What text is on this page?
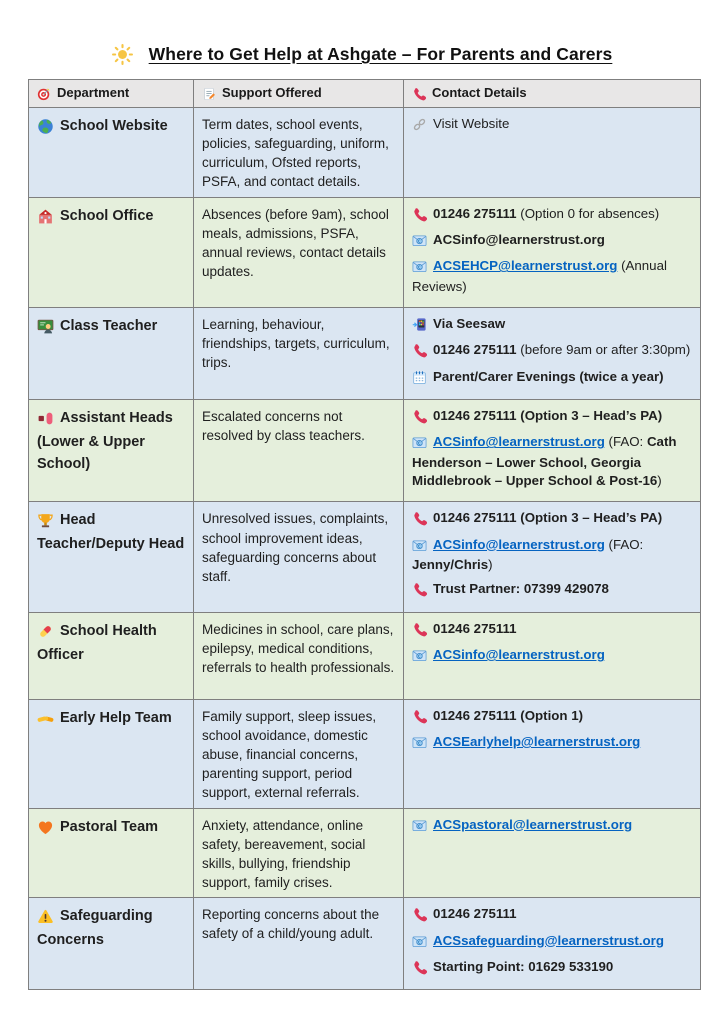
Where to Get Help at Ashgate – For Parents and Carers
Department	Support Offered	Contact Details
School Website	Term dates, school events, policies, safeguarding, uniform, curriculum, Ofsted reports, PSFA, and contact details.	Visit Website

School Office	Absences (before 9am), school meals, admissions, PSFA, annual reviews, contact details updates.	01246 275111 (Option 0 for absences)
ACSinfo@learnerstrust.org
ACSEHCP@learnerstrust.org (Annual Reviews)

Class Teacher	Learning, behaviour, friendships, targets, curriculum, trips.	Via Seesaw
01246 275111 (before 9am or after 3:30pm)
Parent/Carer Evenings (twice a year)

Assistant Heads (Lower & Upper School)	Escalated concerns not resolved by class teachers.	01246 275111 (Option 3 – Head’s PA)
ACSinfo@learnerstrust.org (FAO: Cath Henderson – Lower School, Georgia Middlebrook – Upper School & Post-16)

Head Teacher/Deputy Head	Unresolved issues, complaints, school improvement ideas, safeguarding concerns about staff.	01246 275111 (Option 3 – Head’s PA)
ACSinfo@learnerstrust.org (FAO: Jenny/Chris)
Trust Partner: 07399 429078

School Health Officer	Medicines in school, care plans, epilepsy, medical conditions, referrals to health professionals.	01246 275111
ACSinfo@learnerstrust.org

Early Help Team	Family support, sleep issues, school avoidance, domestic abuse, financial concerns, parenting support, period support, external referrals.	01246 275111 (Option 1)
ACSEarlyhelp@learnerstrust.org

Pastoral Team	Anxiety, attendance, online safety, bereavement, social skills, bullying, friendship support, family crises.	ACSpastoral@learnerstrust.org

Safeguarding Concerns	Reporting concerns about the safety of a child/young adult.	01246 275111
ACSsafeguarding@learnerstrust.org
Starting Point: 01629 533190
